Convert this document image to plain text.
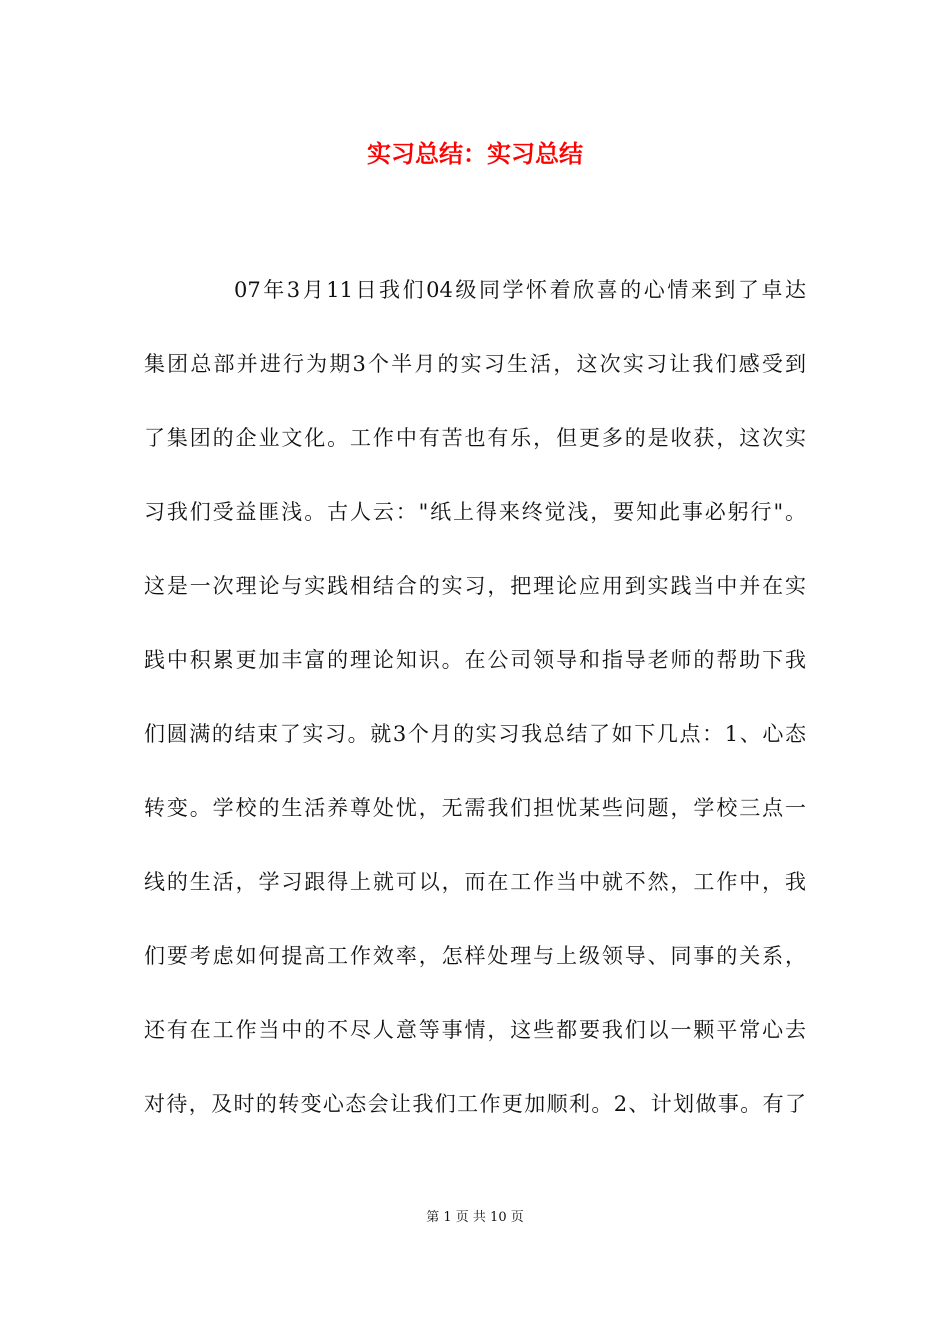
实习总结：实习总结
07年3月11日我们04级同学怀着欣喜的心情来到了卓达
集团总部并进行为期3个半月的实习生活，这次实习让我们感受到
了集团的企业文化。工作中有苦也有乐，但更多的是收获，这次实
习我们受益匪浅。古人云："纸上得来终觉浅，要知此事必躬行"。
这是一次理论与实践相结合的实习，把理论应用到实践当中并在实
践中积累更加丰富的理论知识。在公司领导和指导老师的帮助下我
们圆满的结束了实习。就3个月的实习我总结了如下几点：1、心态
转变。学校的生活养尊处忧，无需我们担忧某些问题，学校三点一
线的生活，学习跟得上就可以，而在工作当中就不然，工作中，我
们要考虑如何提高工作效率，怎样处理与上级领导、同事的关系，
还有在工作当中的不尽人意等事情，这些都要我们以一颗平常心去
对待，及时的转变心态会让我们工作更加顺利。2、计划做事。有了
第 1 页 共 10 页
